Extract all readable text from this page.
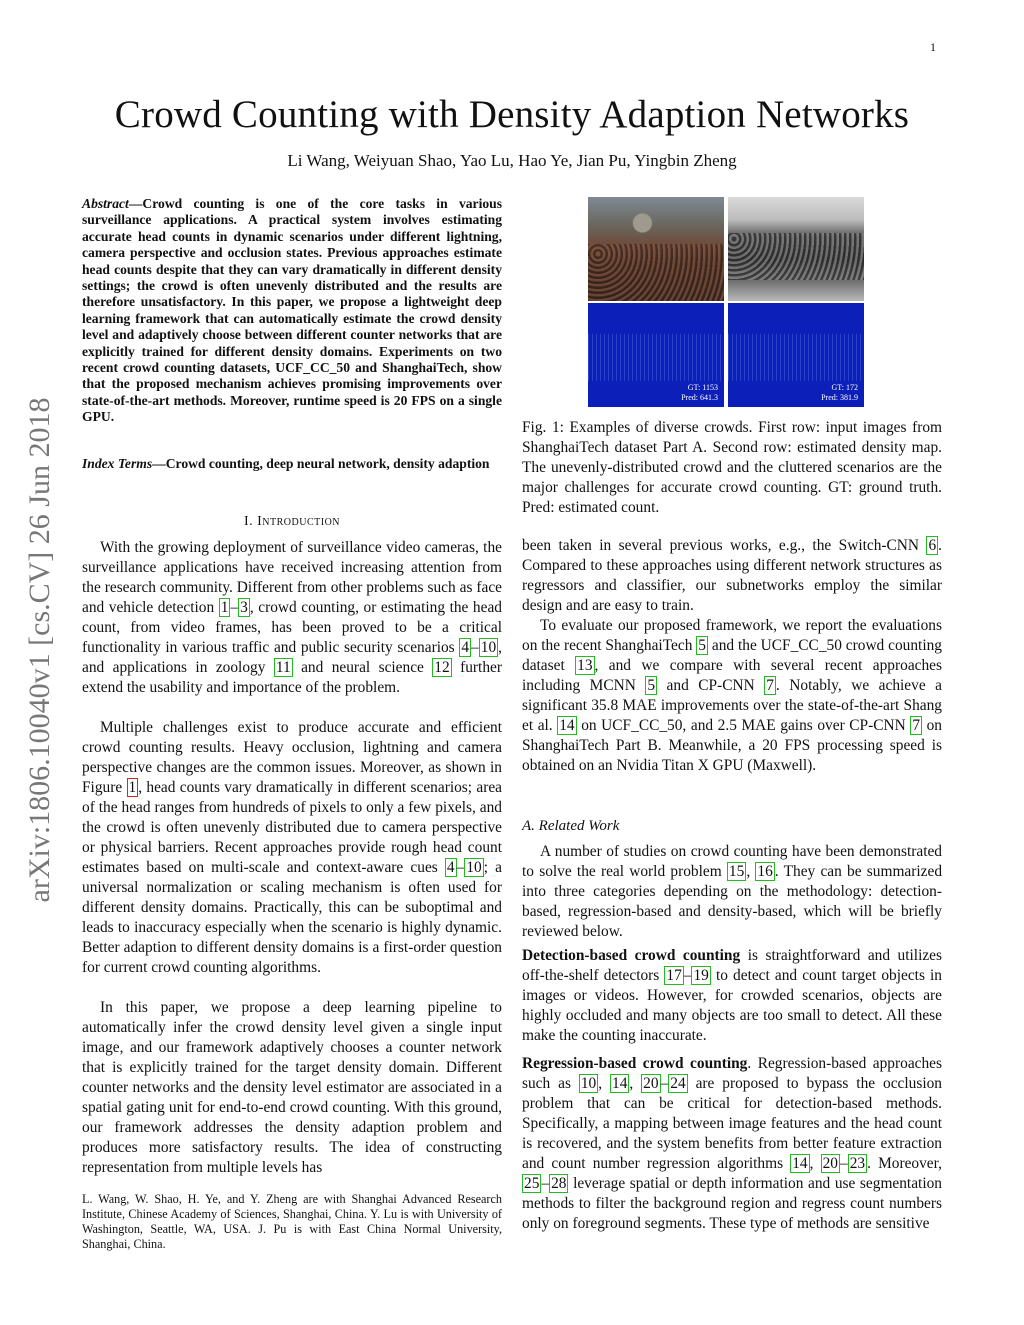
1
Crowd Counting with Density Adaption Networks
Li Wang, Weiyuan Shao, Yao Lu, Hao Ye, Jian Pu, Yingbin Zheng
arXiv:1806.10040v1 [cs.CV] 26 Jun 2018
Abstract—Crowd counting is one of the core tasks in various surveillance applications. A practical system involves estimating accurate head counts in dynamic scenarios under different lightning, camera perspective and occlusion states. Previous approaches estimate head counts despite that they can vary dramatically in different density settings; the crowd is often unevenly distributed and the results are therefore unsatisfactory. In this paper, we propose a lightweight deep learning framework that can automatically estimate the crowd density level and adaptively choose between different counter networks that are explicitly trained for different density domains. Experiments on two recent crowd counting datasets, UCF_CC_50 and ShanghaiTech, show that the proposed mechanism achieves promising improvements over state-of-the-art methods. Moreover, runtime speed is 20 FPS on a single GPU.
Index Terms—Crowd counting, deep neural network, density adaption
I. Introduction
With the growing deployment of surveillance video cameras, the surveillance applications have received increasing attention from the research community. Different from other problems such as face and vehicle detection 1 – 3 , crowd counting, or estimating the head count, from video frames, has been proved to be a critical functionality in various traffic and public security scenarios 4 – 10 , and applications in zoology 11 and neural science 12 further extend the usability and importance of the problem.
Multiple challenges exist to produce accurate and efficient crowd counting results. Heavy occlusion, lightning and camera perspective changes are the common issues. Moreover, as shown in Figure 1 , head counts vary dramatically in different scenarios; area of the head ranges from hundreds of pixels to only a few pixels, and the crowd is often unevenly distributed due to camera perspective or physical barriers. Recent approaches provide rough head count estimates based on multi-scale and context-aware cues 4 – 10 ; a universal normalization or scaling mechanism is often used for different density domains. Practically, this can be suboptimal and leads to inaccuracy especially when the scenario is highly dynamic. Better adaption to different density domains is a first-order question for current crowd counting algorithms.
In this paper, we propose a deep learning pipeline to automatically infer the crowd density level given a single input image, and our framework adaptively chooses a counter network that is explicitly trained for the target density domain. Different counter networks and the density level estimator are associated in a spatial gating unit for end-to-end crowd counting. With this ground, our framework addresses the density adaption problem and produces more satisfactory results. The idea of constructing representation from multiple levels has
L. Wang, W. Shao, H. Ye, and Y. Zheng are with Shanghai Advanced Research Institute, Chinese Academy of Sciences, Shanghai, China. Y. Lu is with University of Washington, Seattle, WA, USA. J. Pu is with East China Normal University, Shanghai, China.
GT: 1153
Pred: 641.3
GT: 172
Pred: 381.9
Fig. 1: Examples of diverse crowds. First row: input images from ShanghaiTech dataset Part A. Second row: estimated density map. The unevenly-distributed crowd and the cluttered scenarios are the major challenges for accurate crowd counting. GT: ground truth. Pred: estimated count.
been taken in several previous works, e.g., the Switch-CNN 6 . Compared to these approaches using different network structures as regressors and classifier, our subnetworks employ the similar design and are easy to train.
To evaluate our proposed framework, we report the evaluations on the recent ShanghaiTech 5 and the UCF_CC_50 crowd counting dataset 13 , and we compare with several recent approaches including MCNN 5 and CP-CNN 7 . Notably, we achieve a significant 35.8 MAE improvements over the state-of-the-art Shang et al. 14 on UCF_CC_50, and 2.5 MAE gains over CP-CNN 7 on ShanghaiTech Part B. Meanwhile, a 20 FPS processing speed is obtained on an Nvidia Titan X GPU (Maxwell).
A. Related Work
A number of studies on crowd counting have been demonstrated to solve the real world problem 15 , 16 . They can be summarized into three categories depending on the methodology: detection-based, regression-based and density-based, which will be briefly reviewed below.
Detection-based crowd counting is straightforward and utilizes off-the-shelf detectors 17 – 19 to detect and count target objects in images or videos. However, for crowded scenarios, objects are highly occluded and many objects are too small to detect. All these make the counting inaccurate.
Regression-based crowd counting. Regression-based approaches such as 10 , 14 , 20 – 24 are proposed to bypass the occlusion problem that can be critical for detection-based methods. Specifically, a mapping between image features and the head count is recovered, and the system benefits from better feature extraction and count number regression algorithms 14 , 20 – 23 . Moreover, 25 – 28 leverage spatial or depth information and use segmentation methods to filter the background region and regress count numbers only on foreground segments. These type of methods are sensitive
